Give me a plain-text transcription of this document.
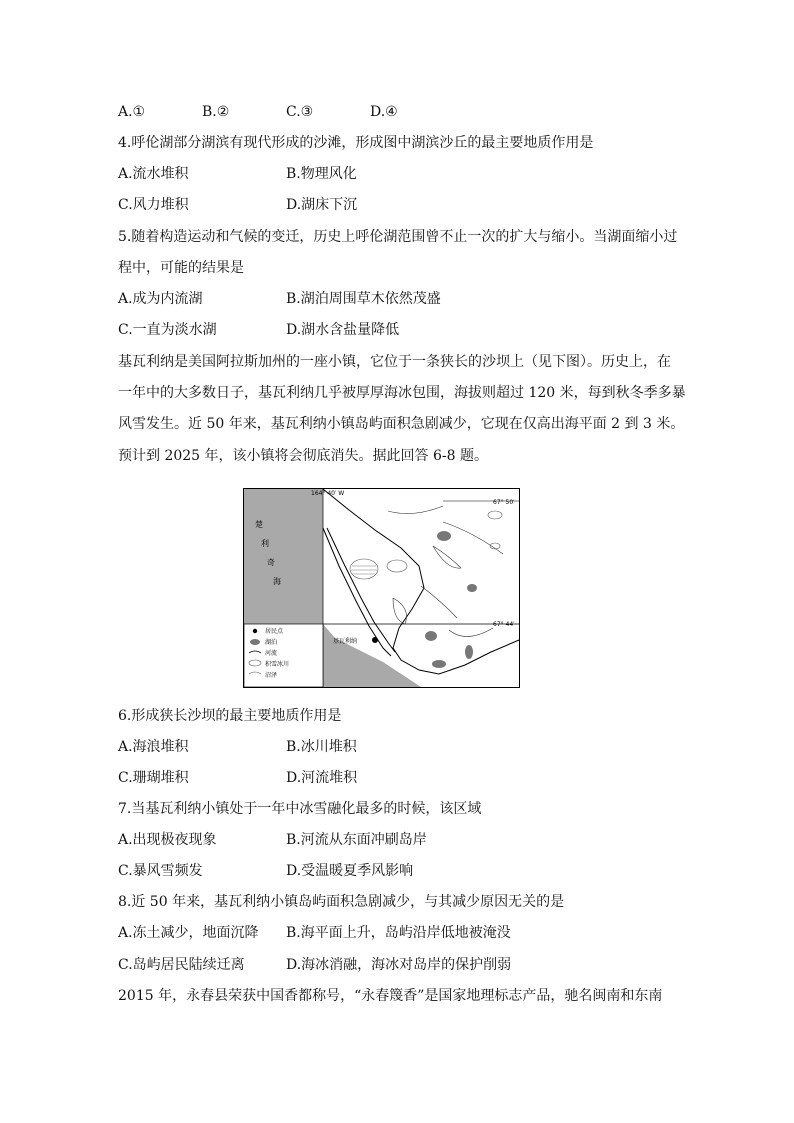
A.①	B.②	C.③	D.④
4.呼伦湖部分湖滨有现代形成的沙滩，形成图中湖滨沙丘的最主要地质作用是
A.流水堆积	B.物理风化
C.风力堆积	D.湖床下沉
5.随着构造运动和气候的变迁，历史上呼伦湖范围曾不止一次的扩大与缩小。当湖面缩小过
程中，可能的结果是
A.成为内流湖	B.湖泊周围草木依然茂盛
C.一直为淡水湖	D.湖水含盐量降低
基瓦利纳是美国阿拉斯加州的一座小镇，它位于一条狭长的沙坝上（见下图）。历史上，在
一年中的大多数日子，基瓦利纳几乎被厚厚海冰包围，海拔则超过 120 米，每到秋冬季多暴
风雪发生。近 50 年来，基瓦利纳小镇岛屿面积急剧减少，它现在仅高出海平面 2 到 3 米。
预计到 2025 年，该小镇将会彻底消失。据此回答 6-8 题。
164° 40′ W
67° 50′
67° 44′
楚
利
奇
海
基瓦利纳
居民点
湖泊
河流
积雪冰川
沼泽
6.形成狭长沙坝的最主要地质作用是
A.海浪堆积	B.冰川堆积
C.珊瑚堆积	D.河流堆积
7.当基瓦利纳小镇处于一年中冰雪融化最多的时候，该区域
A.出现极夜现象	B.河流从东面冲刷岛岸
C.暴风雪频发	D.受温暖夏季风影响
8.近 50 年来，基瓦利纳小镇岛屿面积急剧减少，与其减少原因无关的是
A.冻土减少，地面沉降 B.海平面上升，岛屿沿岸低地被淹没
C.岛屿居民陆续迁离	D.海冰消融，海冰对岛岸的保护削弱
2015 年，永春县荣获中国香都称号，“永春篾香”是国家地理标志产品，驰名闽南和东南
